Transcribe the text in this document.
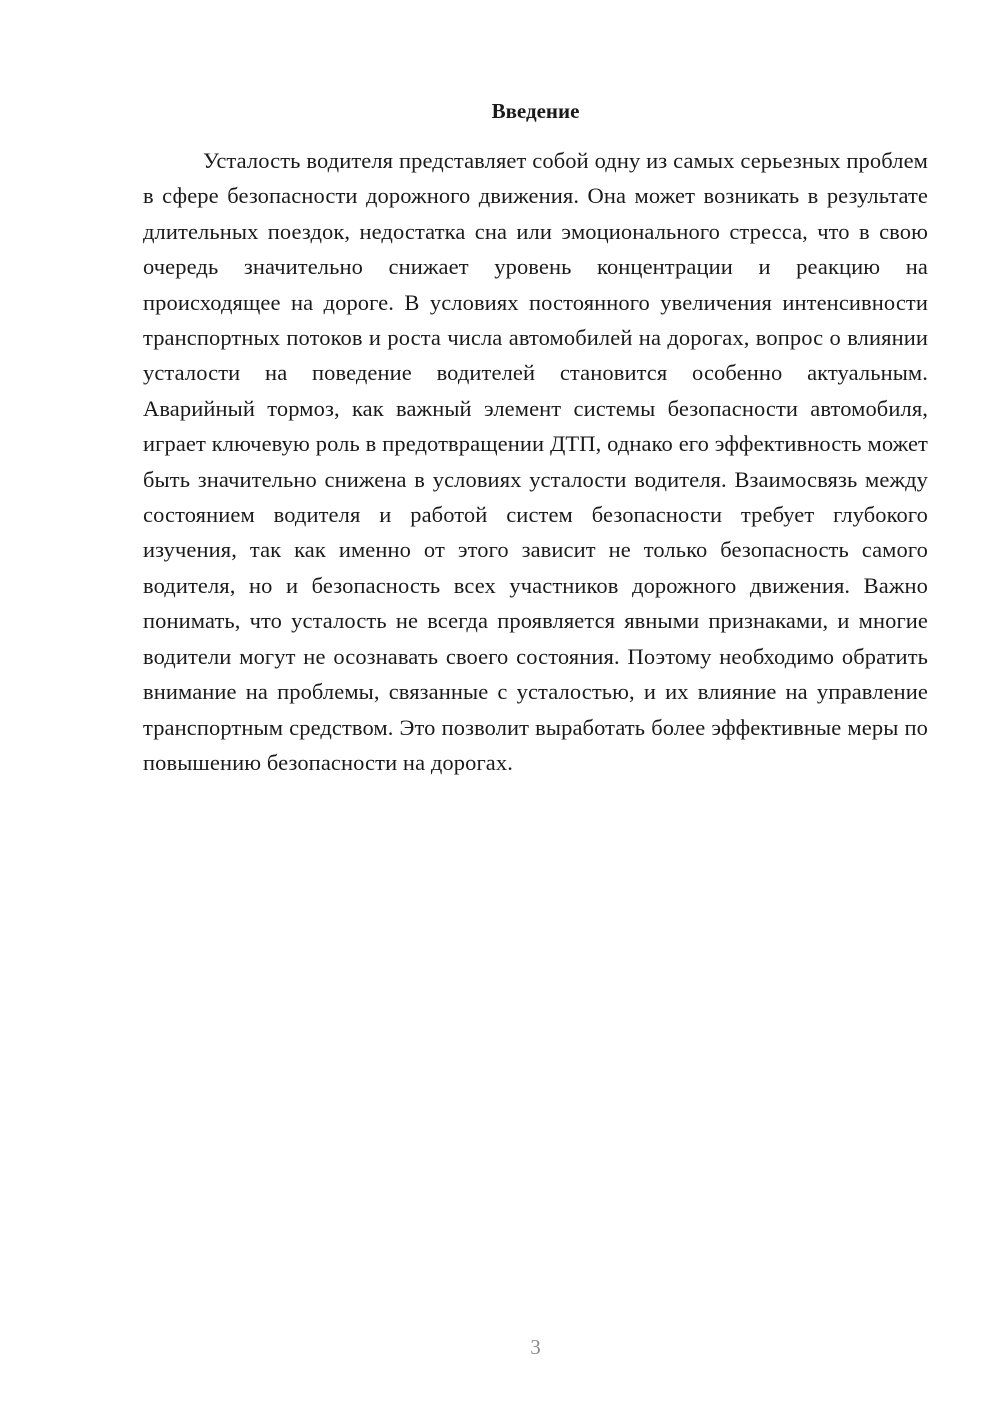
Введение

Усталость водителя представляет собой одну из самых серьезных проблем в сфере безопасности дорожного движения. Она может возникать в результате длительных поездок, недостатка сна или эмоционального стресса, что в свою очередь значительно снижает уровень концентрации и реакцию на происходящее на дороге. В условиях постоянного увеличения интенсивности транспортных потоков и роста числа автомобилей на дорогах, вопрос о влиянии усталости на поведение водителей становится особенно актуальным. Аварийный тормоз, как важный элемент системы безопасности автомобиля, играет ключевую роль в предотвращении ДТП, однако его эффективность может быть значительно снижена в условиях усталости водителя. Взаимосвязь между состоянием водителя и работой систем безопасности требует глубокого изучения, так как именно от этого зависит не только безопасность самого водителя, но и безопасность всех участников дорожного движения. Важно понимать, что усталость не всегда проявляется явными признаками, и многие водители могут не осознавать своего состояния. Поэтому необходимо обратить внимание на проблемы, связанные с усталостью, и их влияние на управление транспортным средством. Это позволит выработать более эффективные меры по повышению безопасности на дорогах.

3
